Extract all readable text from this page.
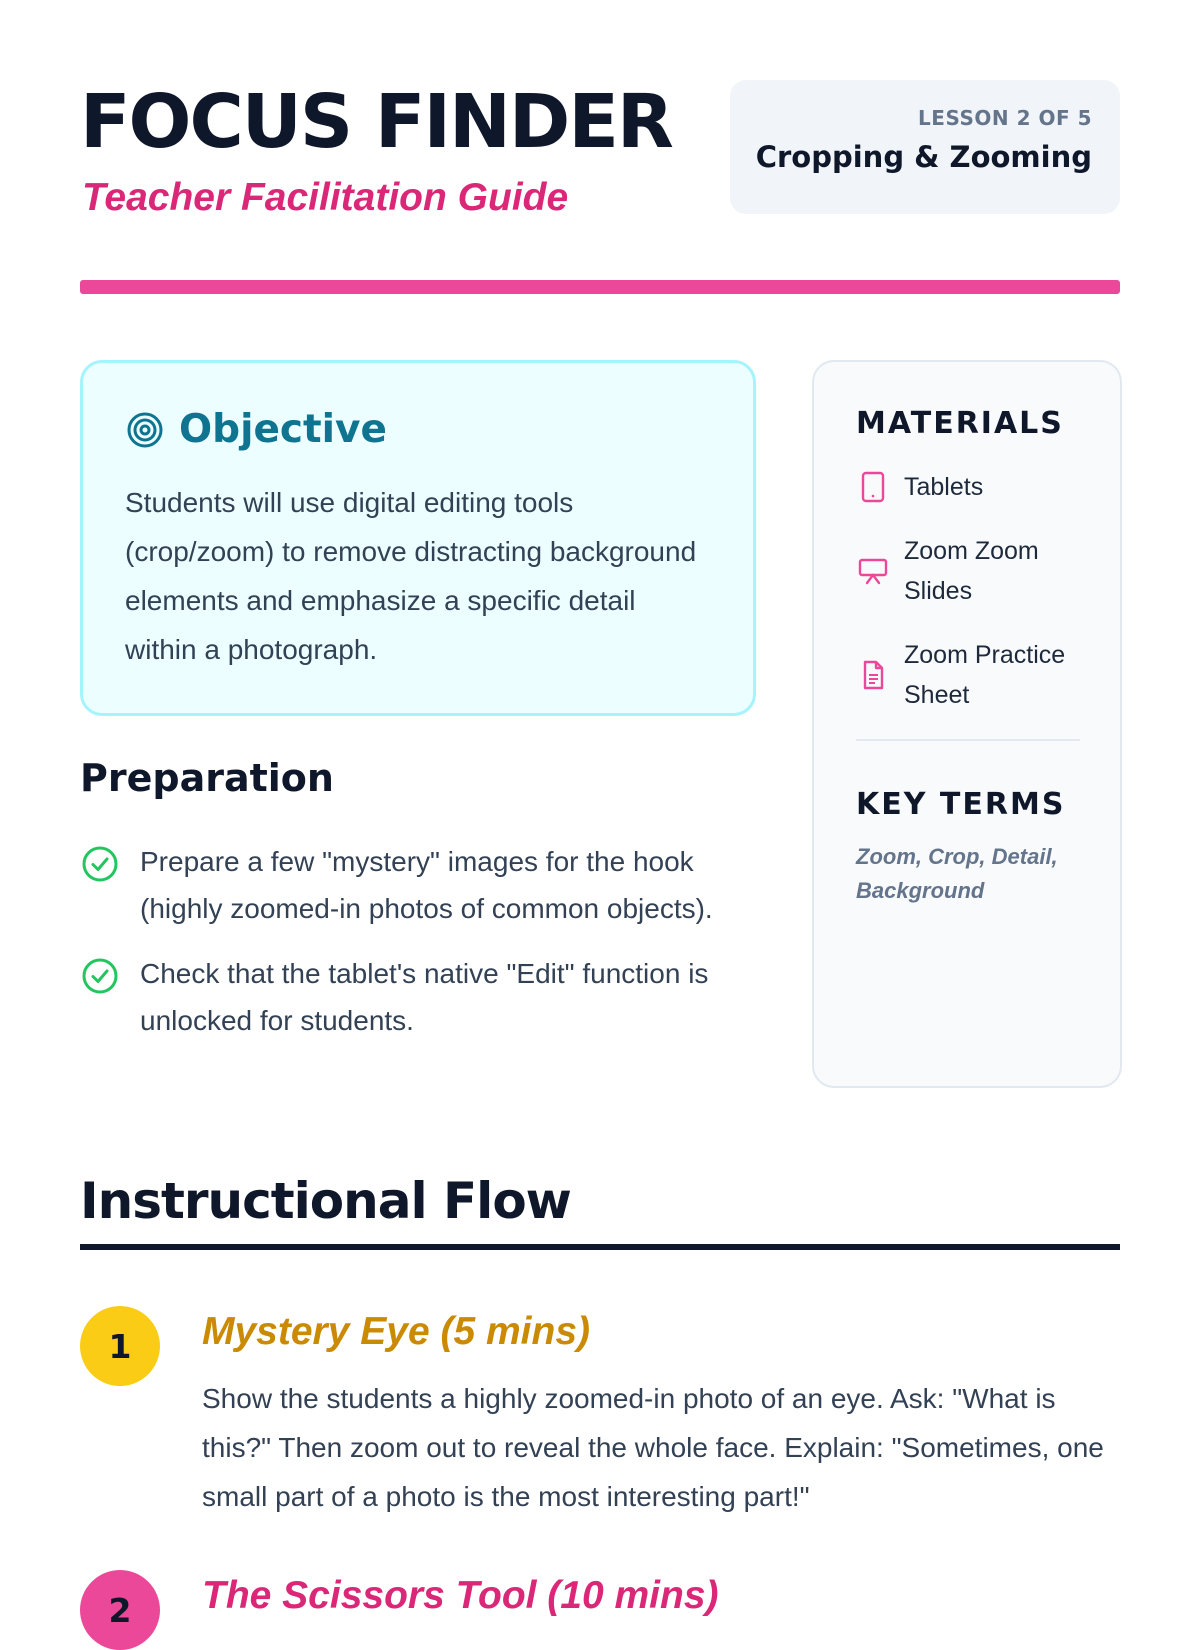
FOCUS FINDER
Teacher Facilitation Guide
LESSON 2 OF 5
Cropping & Zooming
Objective
Students will use digital editing tools (crop/zoom) to remove distracting background elements and emphasize a specific detail within a photograph.
Preparation
Prepare a few "mystery" images for the hook (highly zoomed-in photos of common objects).
Check that the tablet's native "Edit" function is unlocked for students.
MATERIALS
Tablets
Zoom Zoom Slides
Zoom Practice Sheet
KEY TERMS
Zoom, Crop, Detail, Background
Instructional Flow
1	Mystery Eye (5 mins)
Show the students a highly zoomed-in photo of an eye. Ask: "What is this?" Then zoom out to reveal the whole face. Explain: "Sometimes, one small part of a photo is the most interesting part!"
2	The Scissors Tool (10 mins)
